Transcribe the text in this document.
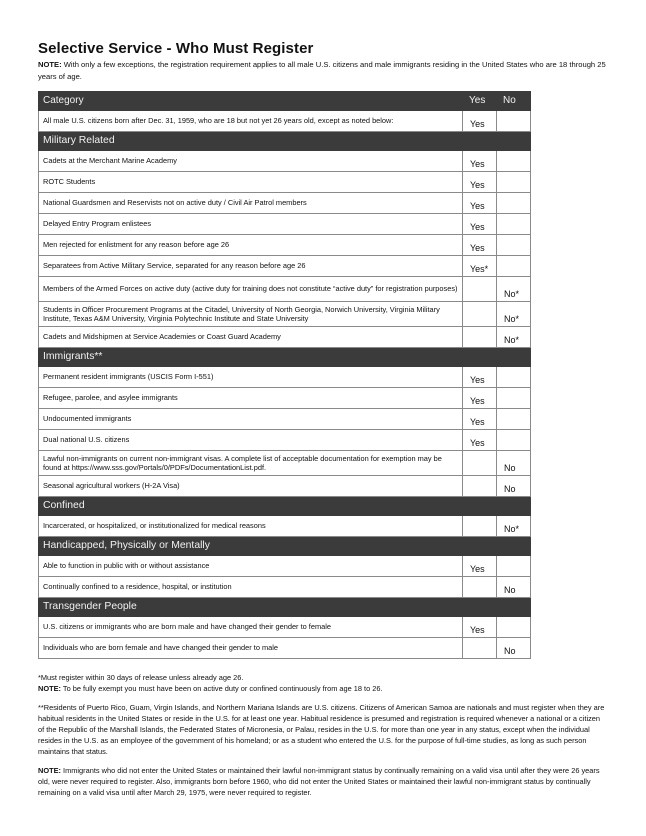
Selective Service - Who Must Register

NOTE: With only a few exceptions, the registration requirement applies to all male U.S. citizens and male immigrants residing in the United States who are 18 through 25 years of age.

Category	Yes	No
All male U.S. citizens born after Dec. 31, 1959, who are 18 but not yet 26 years old, except as noted below:	Yes	
Military Related		
Cadets at the Merchant Marine Academy	Yes	
ROTC Students	Yes	
National Guardsmen and Reservists not on active duty / Civil Air Patrol members	Yes	
Delayed Entry Program enlistees	Yes	
Men rejected for enlistment for any reason before age 26	Yes	
Separatees from Active Military Service, separated for any reason before age 26	Yes*	
Members of the Armed Forces on active duty (active duty for training does not constitute “active duty” for registration purposes)		No*
Students in Officer Procurement Programs at the Citadel, University of North Georgia, Norwich University, Virginia Military Institute, Texas A&M University, Virginia Polytechnic Institute and State University		No*
Cadets and Midshipmen at Service Academies or Coast Guard Academy		No*
Immigrants**		
Permanent resident immigrants (USCIS Form I-551)	Yes	
Refugee, parolee, and asylee immigrants	Yes	
Undocumented immigrants	Yes	
Dual national U.S. citizens	Yes	
Lawful non-immigrants on current non-immigrant visas. A complete list of acceptable documentation for exemption may be found at https://www.sss.gov/Portals/0/PDFs/DocumentationList.pdf.		No
Seasonal agricultural workers (H-2A Visa)		No
Confined		
Incarcerated, or hospitalized, or institutionalized for medical reasons		No*
Handicapped, Physically or Mentally		
Able to function in public with or without assistance	Yes	
Continually confined to a residence, hospital, or institution		No
Transgender People		
U.S. citizens or immigrants who are born male and have changed their gender to female	Yes	
Individuals who are born female and have changed their gender to male		No

*Must register within 30 days of release unless already age 26.

NOTE: To be fully exempt you must have been on active duty or confined continuously from age 18 to 26.

**Residents of Puerto Rico, Guam, Virgin Islands, and Northern Mariana Islands are U.S. citizens. Citizens of American Samoa are nationals and must register when they are habitual residents in the United States or reside in the U.S. for at least one year. Habitual residence is presumed and registration is required whenever a national or a citizen of the Republic of the Marshall Islands, the Federated States of Micronesia, or Palau, resides in the U.S. for more than one year in any status, except when the individual resides in the U.S. as an employee of the government of his homeland; or as a student who entered the U.S. for the purpose of full-time studies, as long as such person maintains that status.

NOTE: Immigrants who did not enter the United States or maintained their lawful non-immigrant status by continually remaining on a valid visa until after they were 26 years old, were never required to register. Also, immigrants born before 1960, who did not enter the United States or maintained their lawful non-immigrant status by continually remaining on a valid visa until after March 29, 1975, were never required to register.
